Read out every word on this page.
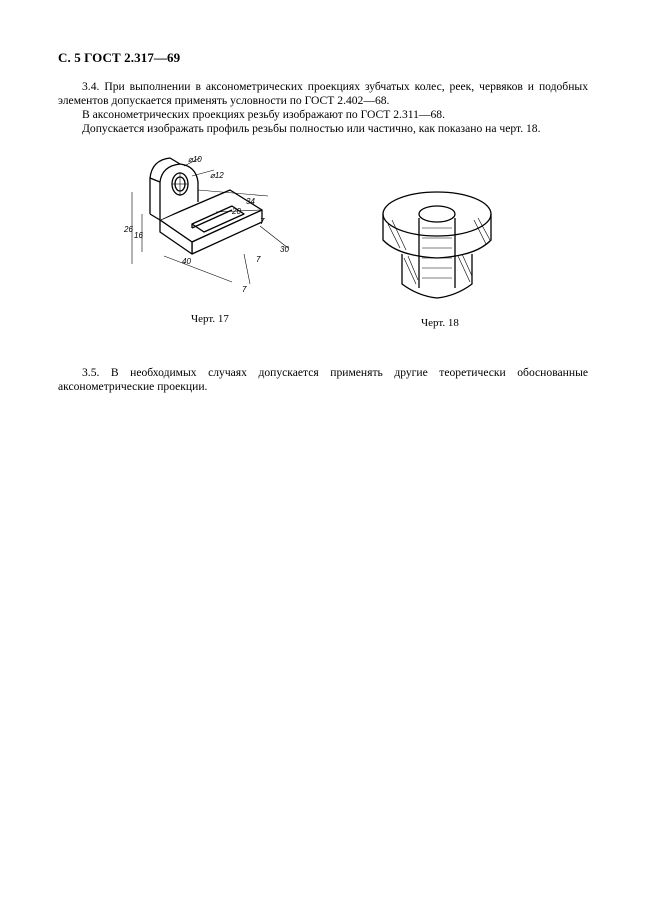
С. 5 ГОСТ 2.317—69
3.4. При выполнении в аксонометрических проекциях зубчатых колес, реек, червяков и подобных элементов допускается применять условности по ГОСТ 2.402—68.
В аксонометрических проекциях резьбу изображают по ГОСТ 2.311—68.
Допускается изображать профиль резьбы полностью или частично, как показано на черт. 18.
⌀10
⌀12
34
20
7
26
16
40	7
30
7
Черт. 17	Черт. 18
3.5. В необходимых случаях допускается применять другие теоретически обоснованные аксонометрические проекции.
